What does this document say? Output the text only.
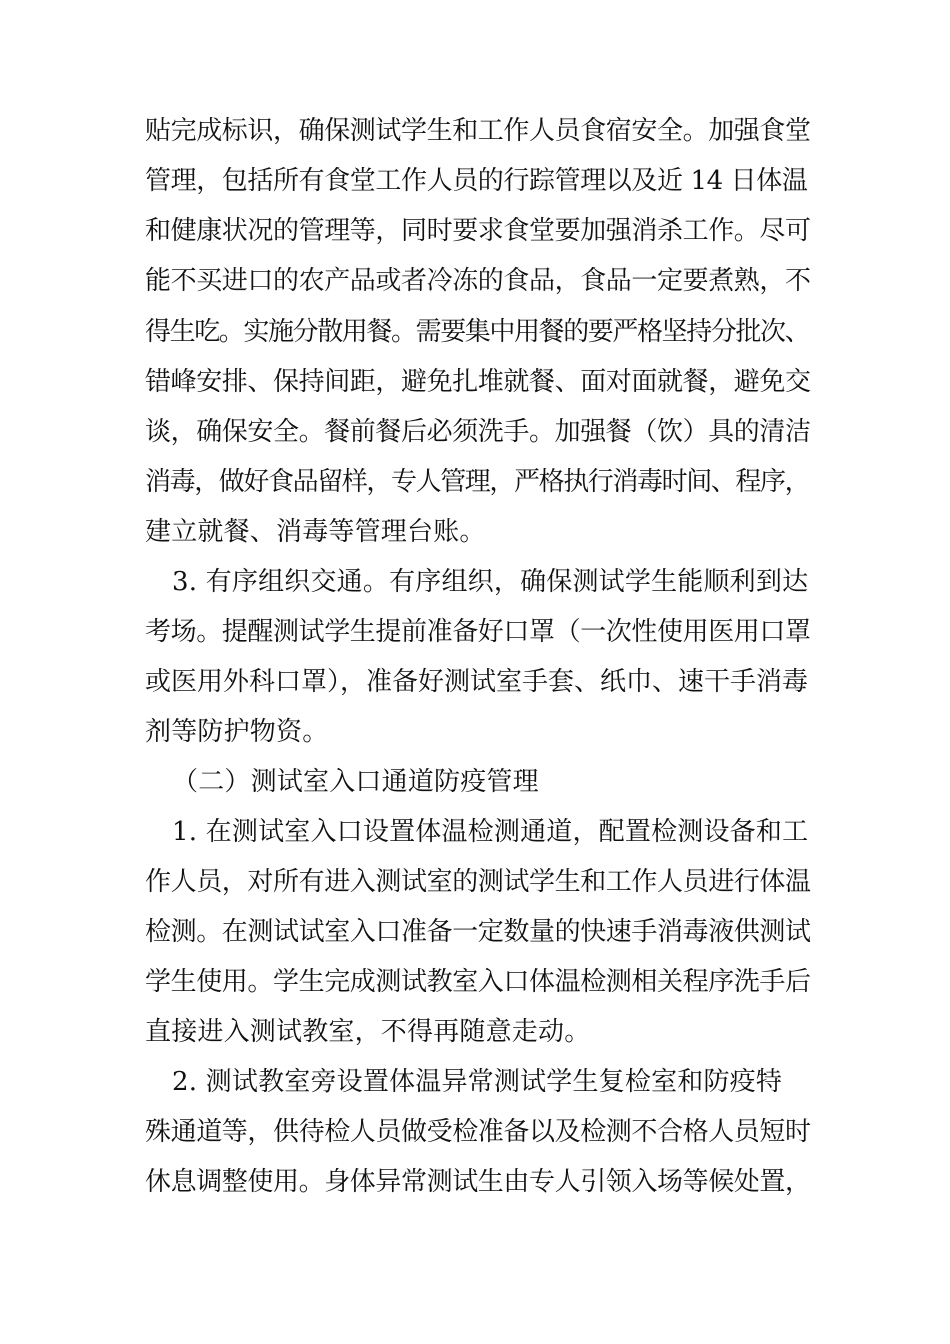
贴完成标识，确保测试学生和工作人员食宿安全。加强食堂
管理，包括所有食堂工作人员的行踪管理以及近 14 日体温
和健康状况的管理等，同时要求食堂要加强消杀工作。尽可
能不买进口的农产品或者冷冻的食品，食品一定要煮熟，不
得生吃。实施分散用餐。需要集中用餐的要严格坚持分批次、
错峰安排、保持间距，避免扎堆就餐、面对面就餐，避免交
谈，确保安全。餐前餐后必须洗手。加强餐（饮）具的清洁
消毒，做好食品留样，专人管理，严格执行消毒时间、程序，
建立就餐、消毒等管理台账。
3. 有序组织交通。有序组织，确保测试学生能顺利到达
考场。提醒测试学生提前准备好口罩（一次性使用医用口罩
或医用外科口罩），准备好测试室手套、纸巾、速干手消毒
剂等防护物资。
（二）测试室入口通道防疫管理
1. 在测试室入口设置体温检测通道，配置检测设备和工
作人员，对所有进入测试室的测试学生和工作人员进行体温
检测。在测试试室入口准备一定数量的快速手消毒液供测试
学生使用。学生完成测试教室入口体温检测相关程序洗手后
直接进入测试教室，不得再随意走动。
2. 测试教室旁设置体温异常测试学生复检室和防疫特
殊通道等，供待检人员做受检准备以及检测不合格人员短时
休息调整使用。身体异常测试生由专人引领入场等候处置，
